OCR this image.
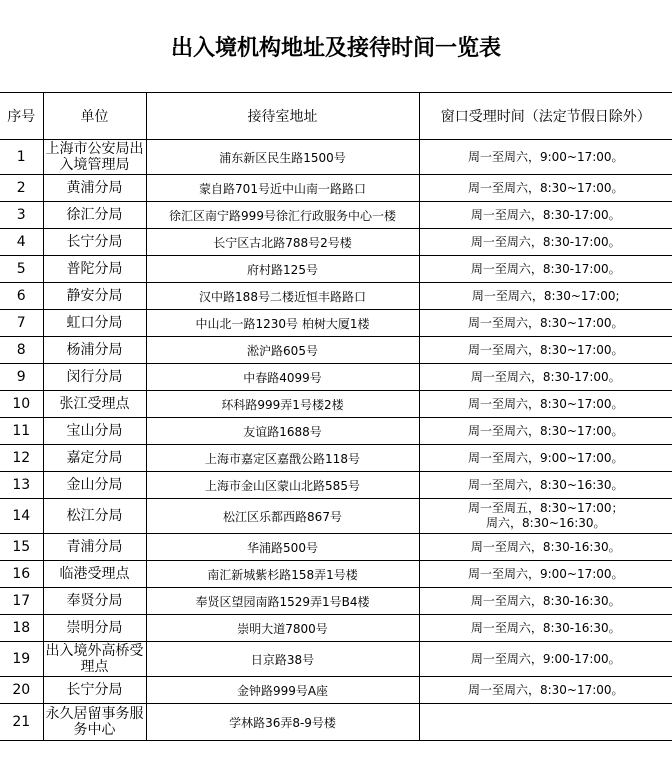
出入境机构地址及接待时间一览表
序号	单位	接待室地址	窗口受理时间（法定节假日除外）
1	上海市公安局出入境管理局	浦东新区民生路1500号	周一至周六，9:00~17:00。
2	黄浦分局	蒙自路701号近中山南一路路口	周一至周六，8:30~17:00。
3	徐汇分局	徐汇区南宁路999号徐汇行政服务中心一楼	周一至周六，8:30-17:00。
4	长宁分局	长宁区古北路788号2号楼	周一至周六，8:30-17:00。
5	普陀分局	府村路125号	周一至周六，8:30-17:00。
6	静安分局	汉中路188号二楼近恒丰路路口	周一至周六，8:30~17:00;
7	虹口分局	中山北一路1230号 柏树大厦1楼	周一至周六，8:30~17:00。
8	杨浦分局	淞沪路605号	周一至周六，8:30~17:00。
9	闵行分局	中春路4099号	周一至周六，8:30-17:00。
10	张江受理点	环科路999弄1号楼2楼	周一至周六，8:30~17:00。
11	宝山分局	友谊路1688号	周一至周六，8:30~17:00。
12	嘉定分局	上海市嘉定区嘉戬公路118号	周一至周六，9:00~17:00。
13	金山分局	上海市金山区蒙山北路585号	周一至周六，8:30~16:30。
14	松江分局	松江区乐都西路867号	周一至周五，8:30~17:00；
周六，8:30~16:30。

15	青浦分局	华浦路500号	周一至周六，8:30-16:30。
16	临港受理点	南汇新城紫杉路158弄1号楼	周一至周六，9:00~17:00。
17	奉贤分局	奉贤区望园南路1529弄1号B4楼	周一至周六，8:30-16:30。
18	崇明分局	崇明大道7800号	周一至周六，8:30-16:30。
19	出入境外高桥受理点	日京路38号	周一至周六，9:00-17:00。
20	长宁分局	金钟路999号A座	周一至周六，8:30~17:00。
21	永久居留事务服务中心	学林路36弄8-9号楼	
